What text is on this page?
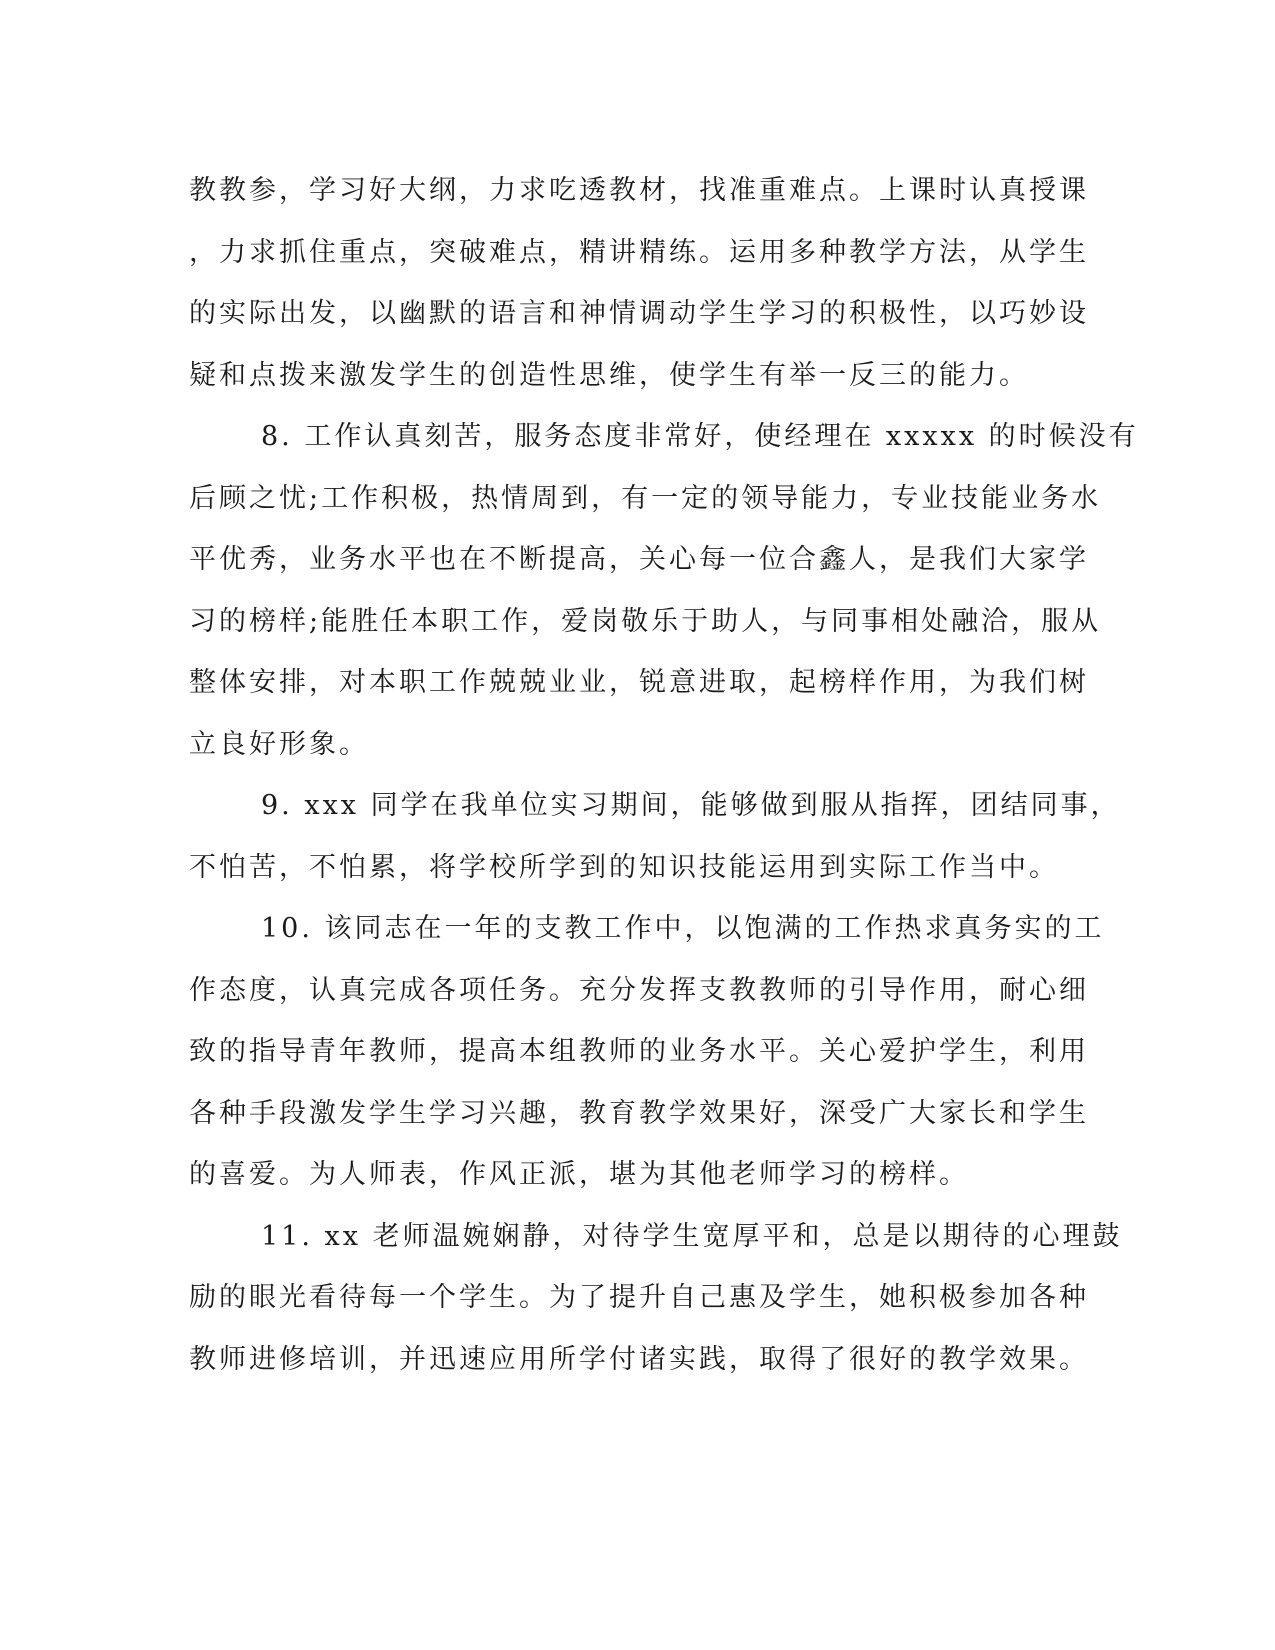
教教参，学习好大纲，力求吃透教材，找准重难点。上课时认真授课
，力求抓住重点，突破难点，精讲精练。运用多种教学方法，从学生
的实际出发，以幽默的语言和神情调动学生学习的积极性，以巧妙设
疑和点拨来激发学生的创造性思维，使学生有举一反三的能力。
8. 工作认真刻苦，服务态度非常好，使经理在 xxxxx 的时候没有
后顾之忧;工作积极，热情周到，有一定的领导能力，专业技能业务水
平优秀，业务水平也在不断提高，关心每一位合鑫人，是我们大家学
习的榜样;能胜任本职工作，爱岗敬乐于助人，与同事相处融洽，服从
整体安排，对本职工作兢兢业业，锐意进取，起榜样作用，为我们树
立良好形象。
9. xxx 同学在我单位实习期间，能够做到服从指挥，团结同事，
不怕苦，不怕累，将学校所学到的知识技能运用到实际工作当中。
10. 该同志在一年的支教工作中，以饱满的工作热求真务实的工
作态度，认真完成各项任务。充分发挥支教教师的引导作用，耐心细
致的指导青年教师，提高本组教师的业务水平。关心爱护学生，利用
各种手段激发学生学习兴趣，教育教学效果好，深受广大家长和学生
的喜爱。为人师表，作风正派，堪为其他老师学习的榜样。
11. xx 老师温婉娴静，对待学生宽厚平和，总是以期待的心理鼓
励的眼光看待每一个学生。为了提升自己惠及学生，她积极参加各种
教师进修培训，并迅速应用所学付诸实践，取得了很好的教学效果。
